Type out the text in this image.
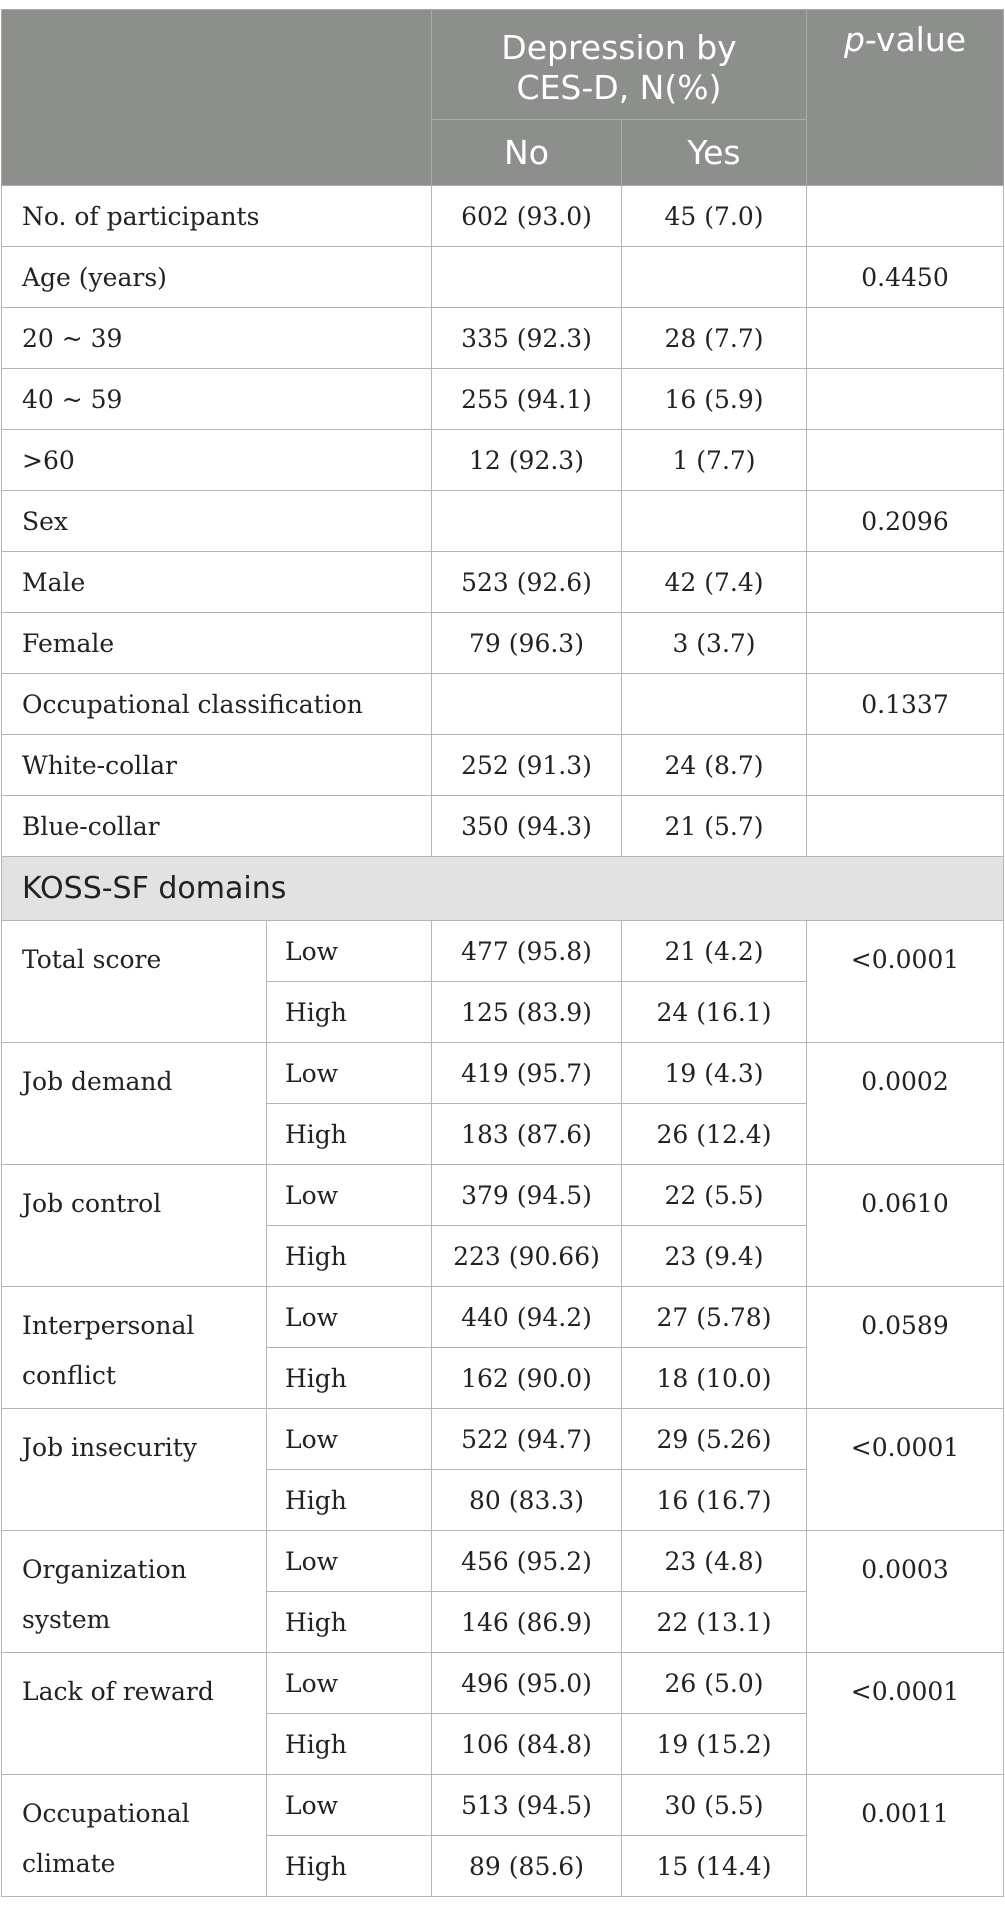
		Depression by
CES-D, N(%)		p-value
		No	Yes	
No. of participants		602 (93.0)	45 (7.0)	
Age (years)				0.4450
20 ~ 39		335 (92.3)	28 (7.7)	
40 ~ 59		255 (94.1)	16 (5.9)	
>60		12 (92.3)	1 (7.7)	
Sex				0.2096
Male		523 (92.6)	42 (7.4)	
Female		79 (96.3)	3 (3.7)	
Occupational classification				0.1337
White-collar		252 (91.3)	24 (8.7)	
Blue-collar		350 (94.3)	21 (5.7)	
KOSS-SF domains				
Total score	Low	477 (95.8)	21 (4.2)	<0.0001
	High	125 (83.9)	24 (16.1)	
Job demand	Low	419 (95.7)	19 (4.3)	0.0002
	High	183 (87.6)	26 (12.4)	
Job control	Low	379 (94.5)	22 (5.5)	0.0610
	High	223 (90.66)	23 (9.4)	
Interpersonal conflict	Low	440 (94.2)	27 (5.78)	0.0589
	High	162 (90.0)	18 (10.0)	
Job insecurity	Low	522 (94.7)	29 (5.26)	<0.0001
	High	80 (83.3)	16 (16.7)	
Organization system	Low	456 (95.2)	23 (4.8)	0.0003
	High	146 (86.9)	22 (13.1)	
Lack of reward	Low	496 (95.0)	26 (5.0)	<0.0001
	High	106 (84.8)	19 (15.2)	
Occupational climate	Low	513 (94.5)	30 (5.5)	0.0011
	High	89 (85.6)	15 (14.4)	
